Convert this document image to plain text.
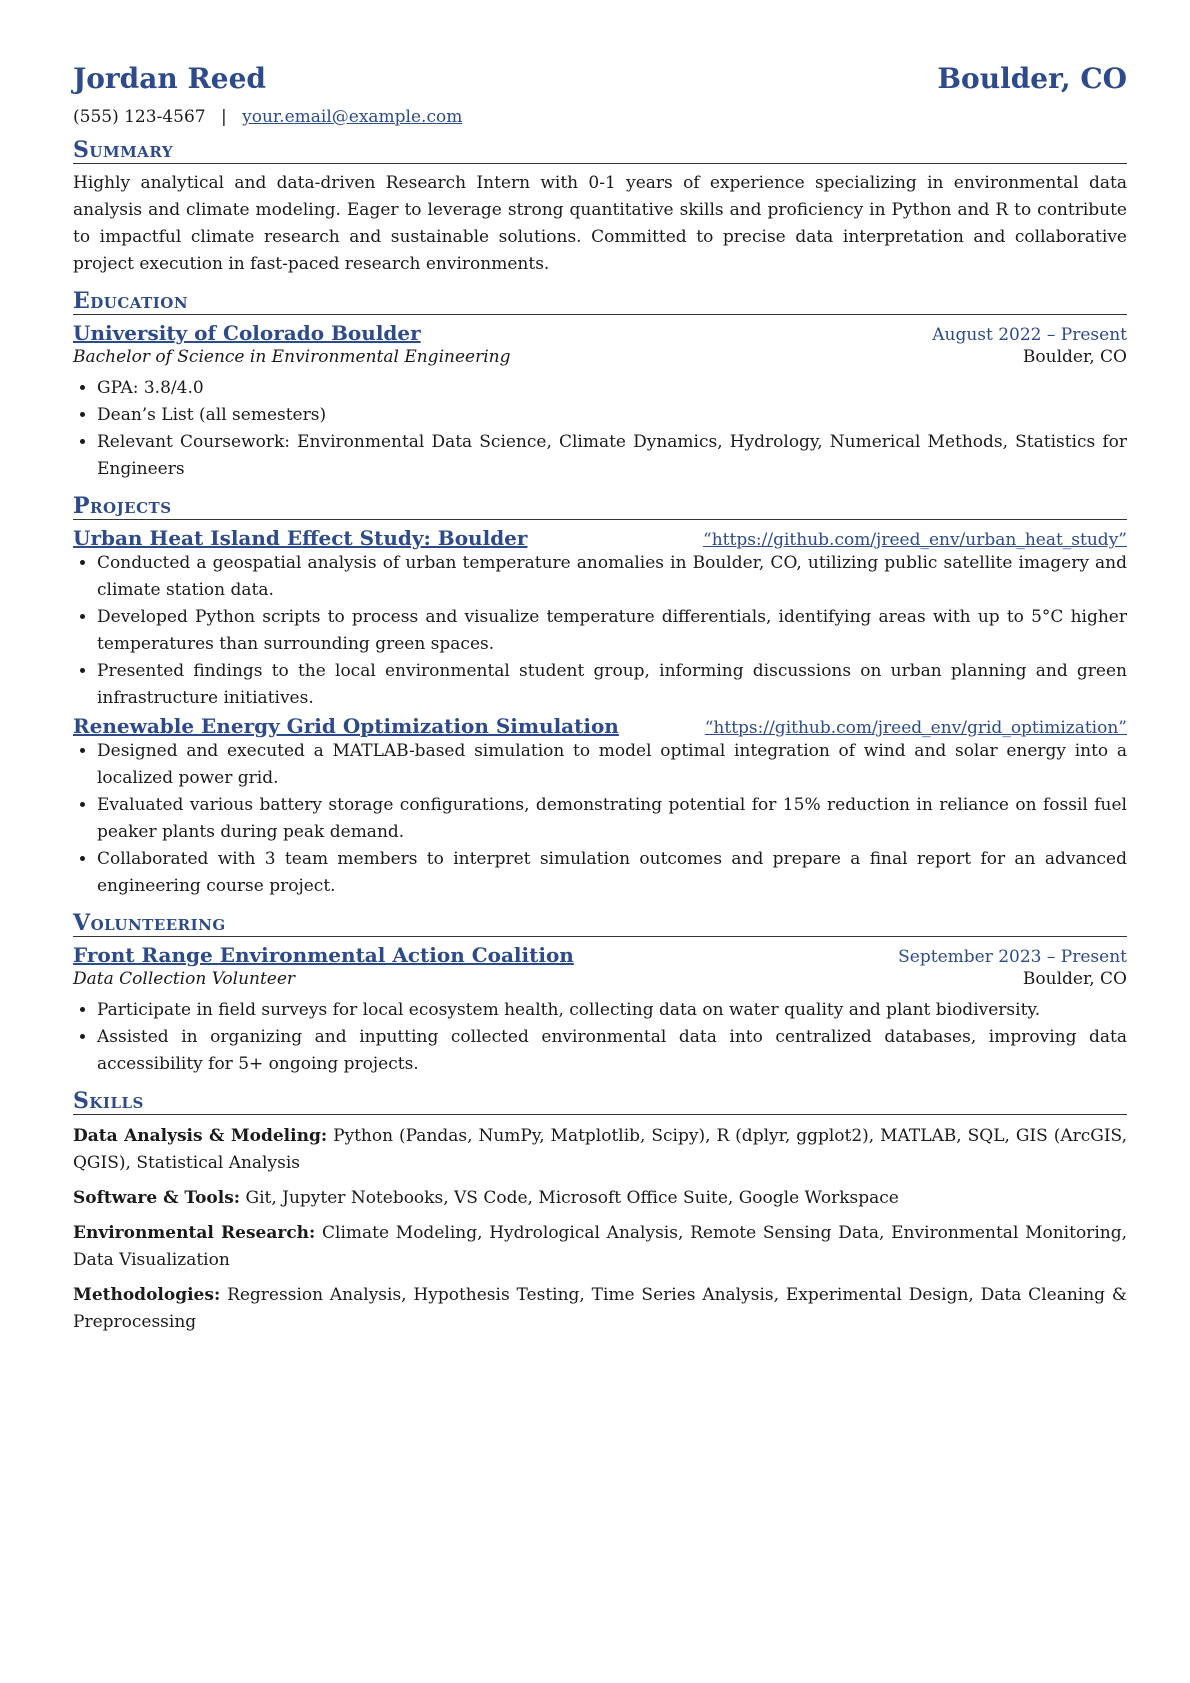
Jordan Reed	Boulder, CO
(555) 123-4567 | your.email@example.com
Summary

Highly analytical and data-driven Research Intern with 0-1 years of experience specializing in environmental data analysis and climate modeling. Eager to leverage strong quantitative skills and proficiency in Python and R to contribute to impactful climate research and sustainable solutions. Committed to precise data interpretation and collaborative project execution in fast-paced research environments.

Education
University of Colorado Boulder	August 2022 – Present
Bachelor of Science in Environmental Engineering	Boulder, CO
• GPA: 3.8/4.0
• Dean’s List (all semesters)
• Relevant Coursework: Environmental Data Science, Climate Dynamics, Hydrology, Numerical Methods, Statistics for Engineers
Projects
Urban Heat Island Effect Study: Boulder	“https://github.com/jreed_env/urban_heat_study”
• Conducted a geospatial analysis of urban temperature anomalies in Boulder, CO, utilizing public satellite imagery and climate station data.
• Developed Python scripts to process and visualize temperature differentials, identifying areas with up to 5°C higher temperatures than surrounding green spaces.
• Presented findings to the local environmental student group, informing discussions on urban planning and green infrastructure initiatives.
Renewable Energy Grid Optimization Simulation	“https://github.com/jreed_env/grid_optimization”
• Designed and executed a MATLAB-based simulation to model optimal integration of wind and solar energy into a localized power grid.
• Evaluated various battery storage configurations, demonstrating potential for 15% reduction in reliance on fossil fuel peaker plants during peak demand.
• Collaborated with 3 team members to interpret simulation outcomes and prepare a final report for an advanced engineering course project.
Volunteering
Front Range Environmental Action Coalition	September 2023 – Present
Data Collection Volunteer	Boulder, CO
• Participate in field surveys for local ecosystem health, collecting data on water quality and plant biodiversity.
• Assisted in organizing and inputting collected environmental data into centralized databases, improving data accessibility for 5+ ongoing projects.
Skills

Data Analysis & Modeling: Python (Pandas, NumPy, Matplotlib, Scipy), R (dplyr, ggplot2), MATLAB, SQL, GIS (ArcGIS, QGIS), Statistical Analysis

Software & Tools: Git, Jupyter Notebooks, VS Code, Microsoft Office Suite, Google Workspace

Environmental Research: Climate Modeling, Hydrological Analysis, Remote Sensing Data, Environmental Monitoring, Data Visualization

Methodologies: Regression Analysis, Hypothesis Testing, Time Series Analysis, Experimental Design, Data Cleaning & Preprocessing
